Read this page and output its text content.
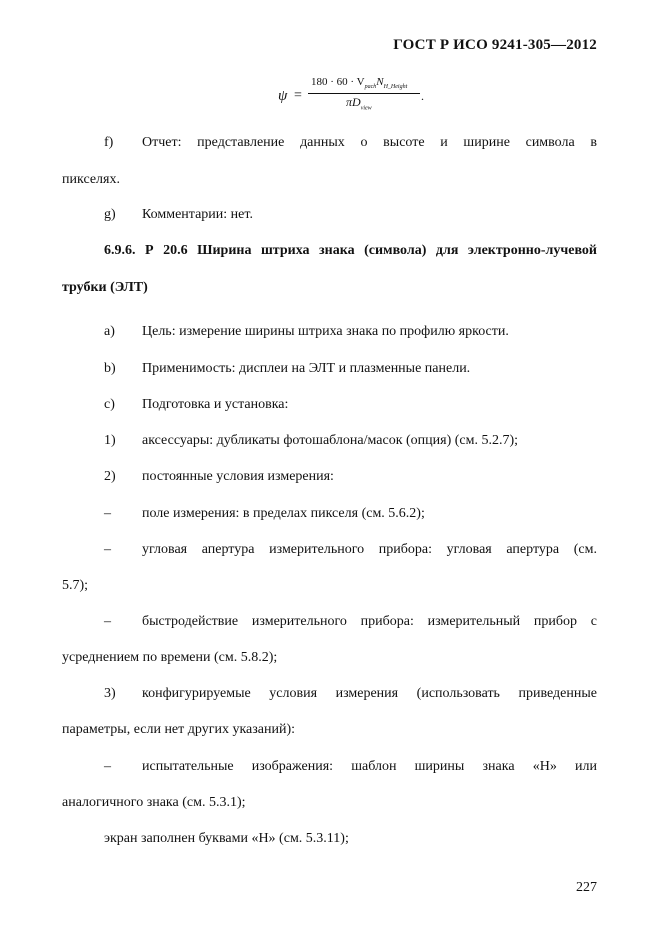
ГОСТ Р ИСО 9241-305—2012
ψ =
$180 \cdot 60 \cdot V_{pach}N_{H\_Height}$
$\pi D_{view}$
.
f) Отчет: представление данных о высоте и ширине символа в
пикселях.
g) Комментарии: нет.
6.9.6. Р 20.6 Ширина штриха знака (символа) для электронно-лучевой
трубки (ЭЛТ)
a) Цель: измерение ширины штриха знака по профилю яркости.
b) Применимость: дисплеи на ЭЛТ и плазменные панели.
c) Подготовка и установка:
1) аксессуары: дубликаты фотошаблона/масок (опция) (см. 5.2.7);
2) постоянные условия измерения:
– поле измерения: в пределах пикселя (см. 5.6.2);
– угловая апертура измерительного прибора: угловая апертура (см.
5.7);
– быстродействие измерительного прибора: измерительный прибор с
усреднением по времени (см. 5.8.2);
3) конфигурируемые условия измерения (использовать приведенные
параметры, если нет других указаний):
– испытательные изображения: шаблон ширины знака «Н» или
аналогичного знака (см. 5.3.1);
экран заполнен буквами «Н» (см. 5.3.11);
227
